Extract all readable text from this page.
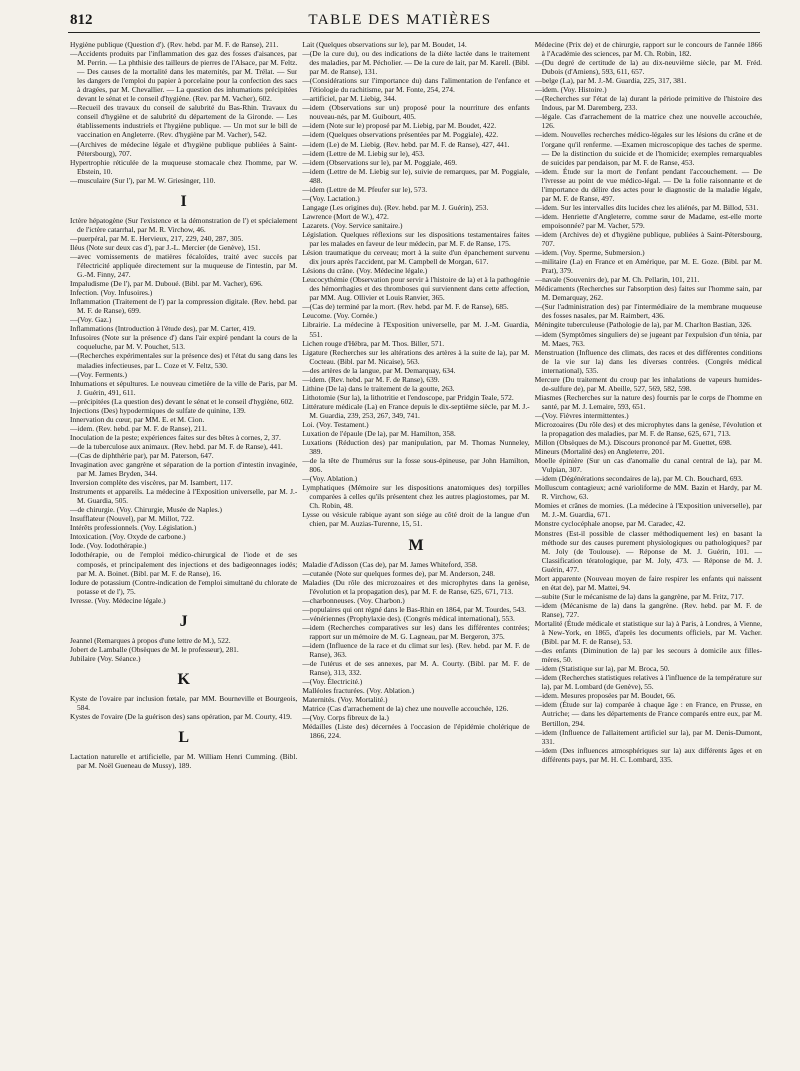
812	TABLE DES MATIÈRES

Hygiène publique (Question d'). (Rev. hebd. par M. F. de Ranse), 211.

—Accidents produits par l'inflammation des gaz des fosses d'aisances, par M. Perrin. — La phthisie des tailleurs de pierres de l'Alsace, par M. Feltz. — Des causes de la mortalité dans les maternités, par M. Trélat. — Sur les dangers de l'emploi du papier à porcelaine pour la confection des sacs à dragées, par M. Chevallier. — La question des inhumations précipitées devant le sénat et le conseil d'hygiène. (Rev. par M. Vacher), 602.

—Recueil des travaux du conseil de salubrité du Bas-Rhin. Travaux du conseil d'hygiène et de salubrité du département de la Gironde. — Les établissements industriels et l'hygiène publique. — Un mot sur le bill de vaccination en Angleterre. (Rev. d'hygiène par M. Vacher), 542.

—(Archives de médecine légale et d'hygiène publique publiées à Saint-Pétersbourg), 707.

Hypertrophie réticulée de la muqueuse stomacale chez l'homme, par W. Ebstein, 10.

—musculaire (Sur l'), par M. W. Griesinger, 110.

I

Ictère hépatogène (Sur l'existence et la démonstration de l') et spécialement de l'ictère catarrhal, par M. R. Virchow, 46.

—puerpéral, par M. E. Hervieux, 217, 229, 240, 287, 305.

Iléus (Note sur deux cas d'), par J.-L. Mercier (de Genève), 151.

—avec vomissements de matières fécaloïdes, traité avec succès par l'électricité appliquée directement sur la muqueuse de l'intestin, par M. G.-M. Finny, 247.

Impaludisme (De l'), par M. Duboué. (Bibl. par M. Vacher), 696.

Infection. (Voy. Infusoires.)

Inflammation (Traitement de l') par la compression digitale. (Rev. hebd. par M. F. de Ranse), 699.

—(Voy. Gaz.)

Inflammations (Introduction à l'étude des), par M. Carter, 419.

Infusoires (Note sur la présence d') dans l'air expiré pendant la cours de la coqueluche, par M. V. Pouchet, 513.

—(Recherches expérimentales sur la présence des) et l'état du sang dans les maladies infectieuses, par L. Coze et V. Feltz, 530.

—(Voy. Ferments.)

Inhumations et sépultures. Le nouveau cimetière de la ville de Paris, par M. J. Guérin, 491, 611.

—précipitées (La question des) devant le sénat et le conseil d'hygiène, 602.

Injections (Des) hypodermiques de sulfate de quinine, 139.

Innervation du cœur, par MM. E. et M. Cion.

—idem. (Rev. hebd. par M. F. de Ranse), 211.

Inoculation de la peste; expériences faites sur des bêtes à cornes, 2, 37.

—de la tuberculose aux animaux. (Rev. hebd. par M. F. de Ranse), 441.

—(Cas de diphthérie par), par M. Paterson, 647.

Invagination avec gangrène et séparation de la portion d'intestin invaginée, par M. James Bryden, 344.

Inversion complète des viscères, par M. Isambert, 117.

Instruments et appareils. La médecine à l'Exposition universelle, par M. J.-M. Guardia, 505.

—de chirurgie. (Voy. Chirurgie, Musée de Naples.)

Insufflateur (Nouvel), par M. Millot, 722.

Intérêts professionnels. (Voy. Législation.)

Intoxication. (Voy. Oxyde de carbone.)

Iode. (Voy. Iodothérapie.)

Iodothérapie, ou de l'emploi médico-chirurgical de l'iode et de ses composés, et principalement des injections et des badigeonnages iodés; par M. A. Boinet. (Bibl. par M. F. de Ranse), 16.

Iodure de potassium (Contre-indication de l'emploi simultané du chlorate de potasse et de l'), 75.

Ivresse. (Voy. Médecine légale.)

J

Jeannel (Remarques à propos d'une lettre de M.), 522.

Jobert de Lamballe (Obsèques de M. le professeur), 281.

Jubilaire (Voy. Séance.)

K

Kyste de l'ovaire par inclusion fœtale, par MM. Bourneville et Bourgeois, 584.

Kystes de l'ovaire (De la guérison des) sans opération, par M. Courty, 419.

L

Lactation naturelle et artificielle, par M. William Henri Cumming. (Bibl. par M. Noël Gueneau de Mussy), 189.

Lait (Quelques observations sur le), par M. Boudet, 14.

—(De la cure du), ou des indications de la diète lactée dans le traitement des maladies, par M. Pécholier. — De la cure de lait, par M. Karell. (Bibl. par M. de Ranse), 131.

—(Considérations sur l'importance du) dans l'alimentation de l'enfance et l'étiologie du rachitisme, par M. Fonte, 254, 274.

—artificiel, par M. Liebig, 344.

—idem (Observations sur un) proposé pour la nourriture des enfants nouveau-nés, par M. Guibourt, 405.

—idem (Note sur le) proposé par M. Liebig, par M. Boudet, 422.

—idem (Quelques observations présentées par M. Poggiale), 422.

—idem (Le) de M. Liebig. (Rev. hebd. par M. F. de Ranse), 427, 441.

—idem (Lettre de M. Liebig sur le), 453.

—idem (Observations sur le), par M. Poggiale, 469.

—idem (Lettre de M. Liebig sur le), suivie de remarques, par M. Poggiale, 488.

—idem (Lettre de M. Pfeufer sur le), 573.

—(Voy. Lactation.)

Langage (Les origines du). (Rev. hebd. par M. J. Guérin), 253.

Lawrence (Mort de W.), 472.

Lazarets. (Voy. Service sanitaire.)

Législation. Quelques réflexions sur les dispositions testamentaires faites par les malades en faveur de leur médecin, par M. F. de Ranse, 175.

Lésion traumatique du cerveau; mort à la suite d'un épanchement survenu dix jours après l'accident, par M. Campbell de Morgan, 617.

Lésions du crâne. (Voy. Médecine légale.)

Leucocythémie (Observation pour servir à l'histoire de la) et à la pathogénie des hémorrhagies et des thromboses qui surviennent dans cette affection, par MM. Aug. Ollivier et Louis Ranvier, 365.

—(Cas de) terminé par la mort. (Rev. hebd. par M. F. de Ranse), 685.

Leucome. (Voy. Cornée.)

Librairie. La médecine à l'Exposition universelle, par M. J.-M. Guardia, 551.

Lichen rouge d'Hébra, par M. Thos. Biller, 571.

Ligature (Recherches sur les altérations des artères à la suite de la), par M. Cocteau. (Bibl. par M. Nicaise), 563.

—des artères de la langue, par M. Demarquay, 634.

—idem. (Rev. hebd. par M. F. de Ranse), 639.

Lithine (De la) dans le traitement de la goutte, 263.

Lithotomie (Sur la), la lithotritie et l'endoscope, par Pridgin Teale, 572.

Littérature médicale (La) en France depuis le dix-septième siècle, par M. J.-M. Guardia, 239, 253, 267, 349, 741.

Loi. (Voy. Testament.)

Luxation de l'épaule (De la), par M. Hamilton, 358.

Luxations (Réduction des) par manipulation, par M. Thomas Nunneley, 389.

—de la tête de l'humérus sur la fosse sous-épineuse, par John Hamilton, 806.

—(Voy. Ablation.)

Lymphatiques (Mémoire sur les dispositions anatomiques des) torpilles comparées à celles qu'ils présentent chez les autres plagiostomes, par M. Ch. Robin, 48.

Lysse ou vésicule rabique ayant son siége au côté droit de la langue d'un chien, par M. Auzias-Turenne, 15, 51.

M

Maladie d'Adisson (Cas de), par M. James Whiteford, 358.

—cutanée (Note sur quelques formes de), par M. Anderson, 248.

Maladies (Du rôle des microzoaires et des microphytes dans la genèse, l'évolution et la propagation des), par M. F. de Ranse, 625, 671, 713.

—charbonneuses. (Voy. Charbon.)

—populaires qui ont régné dans le Bas-Rhin en 1864, par M. Tourdes, 543.

—vénériennes (Prophylaxie des). (Congrès médical international), 553.

—idem (Recherches comparatives sur les) dans les différentes contrées; rapport sur un mémoire de M. G. Lagneau, par M. Bergeron, 375.

—idem (Influence de la race et du climat sur les). (Rev. hebd. par M. F. de Ranse), 363.

—de l'utérus et de ses annexes, par M. A. Courty. (Bibl. par M. F. de Ranse), 313, 332.

—(Voy. Électricité.)

Malléoles fracturées. (Voy. Ablation.)

Maternités. (Voy. Mortalité.)

Matrice (Cas d'arrachement de la) chez une nouvelle accouchée, 126.

—(Voy. Corps fibreux de la.)

Médailles (Liste des) décernées à l'occasion de l'épidémie cholérique de 1866, 224.

Médecine (Prix de) et de chirurgie, rapport sur le concours de l'année 1866 à l'Académie des sciences, par M. Ch. Robin, 182.

—(Du degré de certitude de la) au dix-neuvième siècle, par M. Fréd. Dubois (d'Amiens), 593, 611, 657.

—belge (La), par M. J.-M. Guardia, 225, 317, 381.

—idem. (Voy. Histoire.)

—(Recherches sur l'état de la) durant la période primitive de l'histoire des Indous, par M. Daremberg, 233.

—légale. Cas d'arrachement de la matrice chez une nouvelle accouchée, 126.

—idem. Nouvelles recherches médico-légales sur les lésions du crâne et de l'organe qu'il renferme. —Examen microscopique des taches de sperme. — De la distinction du suicide et de l'homicide; exemples remarquables de suicides par pendaison, par M. F. de Ranse, 453.

—idem. Étude sur la mort de l'enfant pendant l'accouchement. — De l'ivresse au point de vue médico-légal. — De la folie raisonnante et de l'importance du délire des actes pour le diagnostic de la maladie légale, par M. F. de Ranse, 497.

—idem. Sur les intervalles dits lucides chez les aliénés, par M. Billod, 531.

—idem. Henriette d'Angleterre, comme sœur de Madame, est-elle morte empoisonnée? par M. Vacher, 579.

—idem (Archives de) et d'hygiène publique, publiées à Saint-Pétersbourg, 707.

—idem. (Voy. Sperme, Submersion.)

—militaire (La) en France et en Amérique, par M. E. Goze. (Bibl. par M. Prat), 379.

—navale (Souvenirs de), par M. Ch. Pellarin, 101, 211.

Médicaments (Recherches sur l'absorption des) faites sur l'homme sain, par M. Demarquay, 262.

—(Sur l'administration des) par l'intermédiaire de la membrane muqueuse des fosses nasales, par M. Raimbert, 436.

Méningite tuberculeuse (Pathologie de la), par M. Charlton Bastian, 326.

—idem (Symptômes singuliers de) se jugeant par l'expulsion d'un ténia, par M. Maes, 763.

Menstruation (Influence des climats, des races et des différentes conditions de la vie sur la) dans les diverses contrées. (Congrès médical international), 535.

Mercure (Du traitement du croup par les inhalations de vapeurs humides-de-sulfure de), par M. Abeille, 527, 569, 582, 598.

Miasmes (Recherches sur la nature des) fournis par le corps de l'homme en santé, par M. J. Lemaire, 593, 651.

—(Voy. Fièvres intermittentes.)

Microzoaires (Du rôle des) et des microphytes dans la genèse, l'évolution et la propagation des maladies, par M. F. de Ranse, 625, 671, 713.

Millon (Obsèques de M.). Discours prononcé par M. Guettet, 698.

Mineurs (Mortalité des) en Angleterre, 201.

Moelle épinière (Sur un cas d'anomalie du canal central de la), par M. Vulpian, 307.

—idem (Dégénérations secondaires de la), par M. Ch. Bouchard, 693.

Molluscum contagieux; acné varioliforme de MM. Bazin et Hardy, par M. R. Virchow, 63.

Momies et crânes de momies. (La médecine à l'Exposition universelle), par M. J.-M. Guardia, 671.

Monstre cyclocéphale anopse, par M. Caradec, 42.

Monstres (Est-il possible de classer méthodiquement les) en basant la méthode sur des causes purement physiologiques ou pathologiques? par M. Joly (de Toulouse). — Réponse de M. J. Guérin, 101. — Classification tératologique, par M. Joly, 473. — Réponse de M. J. Guérin, 477.

Mort apparente (Nouveau moyen de faire respirer les enfants qui naissent en état de), par M. Mattei, 94.

—subite (Sur le mécanisme de la) dans la gangrène, par M. Fritz, 717.

—idem (Mécanisme de la) dans la gangrène. (Rev. hebd. par M. F. de Ranse), 727.

Mortalité (Étude médicale et statistique sur la) à Paris, à Londres, à Vienne, à New-York, en 1865, d'après les documents officiels, par M. Vacher. (Bibl. par M. F. de Ranse), 53.

—des enfants (Diminution de la) par les secours à domicile aux filles-mères, 50.

—idem (Statistique sur la), par M. Broca, 50.

—idem (Recherches statistiques relatives à l'influence de la température sur la), par M. Lombard (de Genève), 55.

—idem. Mesures proposées par M. Boudet, 66.

—idem (Étude sur la) comparée à chaque âge : en France, en Prusse, en Autriche; — dans les départements de France comparés entre eux, par M. Bertillon, 294.

—idem (Influence de l'allaitement artificiel sur la), par M. Denis-Dumont, 331.

—idem (Des influences atmosphériques sur la) aux différents âges et en différents pays, par M. H. C. Lombard, 335.
